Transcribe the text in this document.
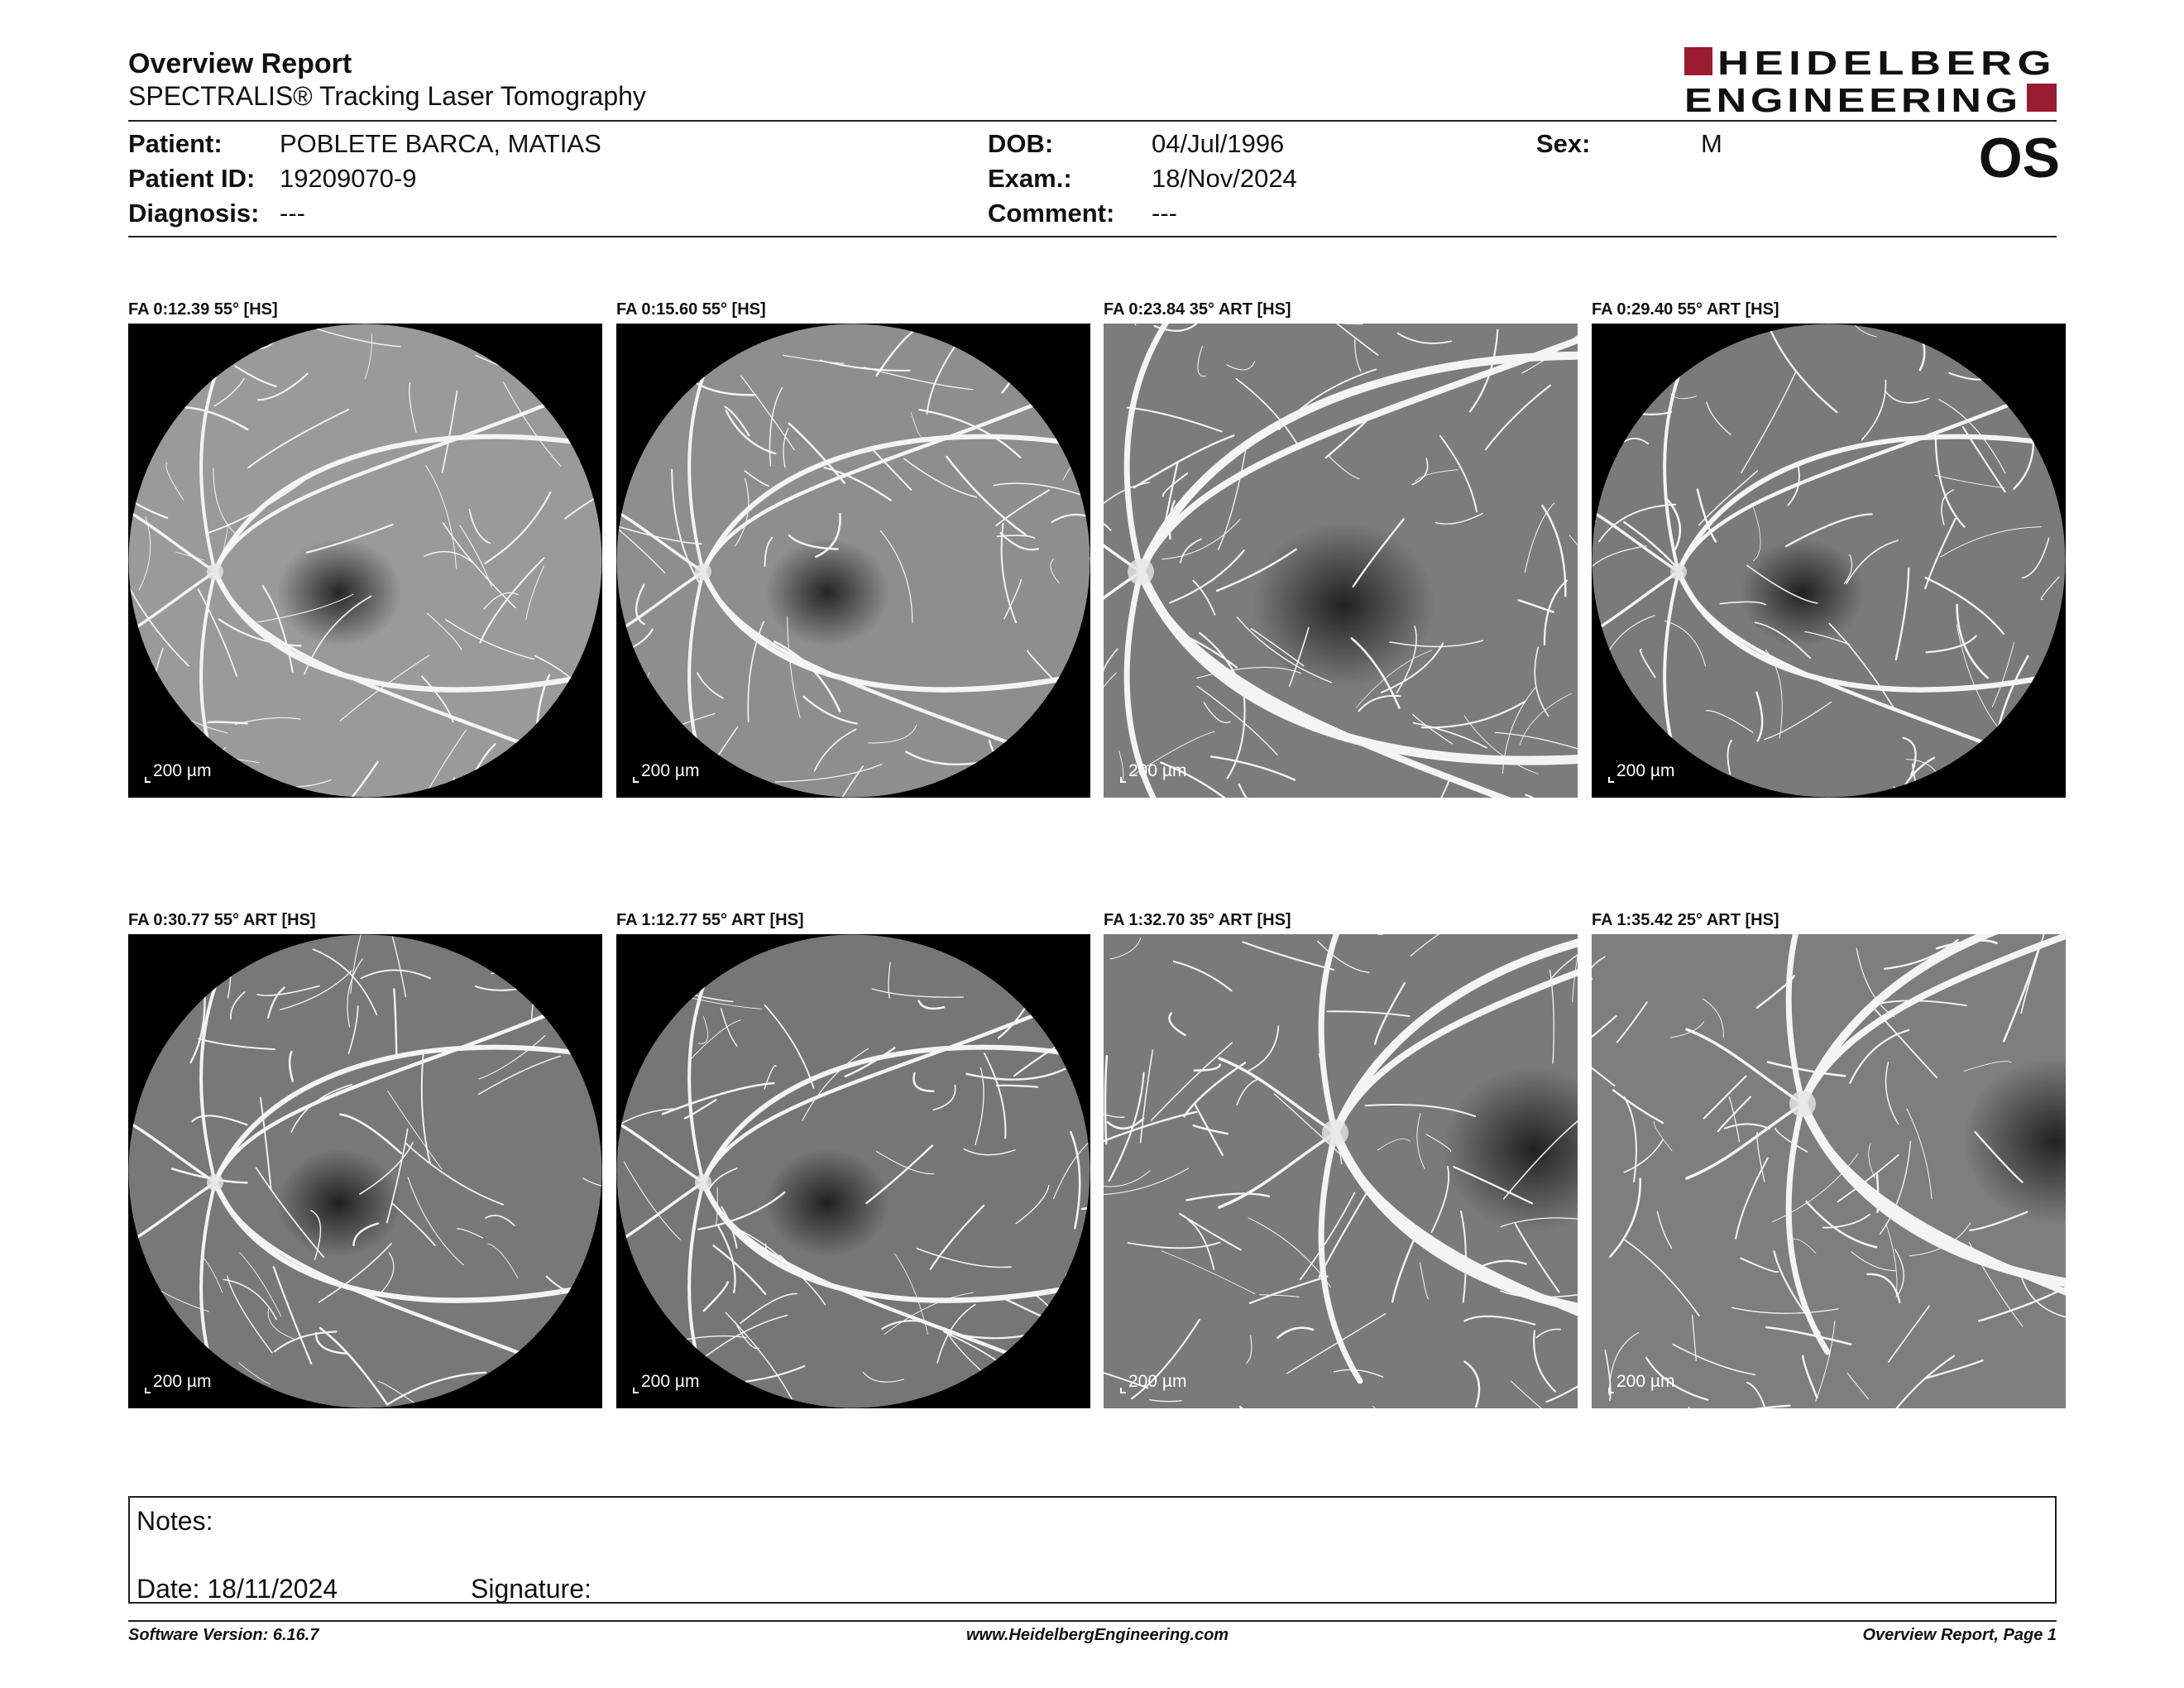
Overview Report
SPECTRALIS® Tracking Laser Tomography
HEIDELBERG
ENGINEERING
Patient: POBLETE BARCA, MATIAS
Patient ID: 19209070-9
Diagnosis: ---
DOB:	04/Jul/1996
Exam.:	18/Nov/2024
Comment: ---
Sex:	M	OS
FA 0:12.39 55° [HS]
200 µm
FA 0:15.60 55° [HS]
200 µm
FA 0:23.84 35° ART [HS]
200 µm
FA 0:29.40 55° ART [HS]
200 µm
FA 0:30.77 55° ART [HS]
200 µm
FA 1:12.77 55° ART [HS]
200 µm
FA 1:32.70 35° ART [HS]
200 µm
FA 1:35.42 25° ART [HS]
200 µm
Notes:
Date: 18/11/2024	Signature:
Software Version: 6.16.7	www.HeidelbergEngineering.com	Overview Report, Page 1
